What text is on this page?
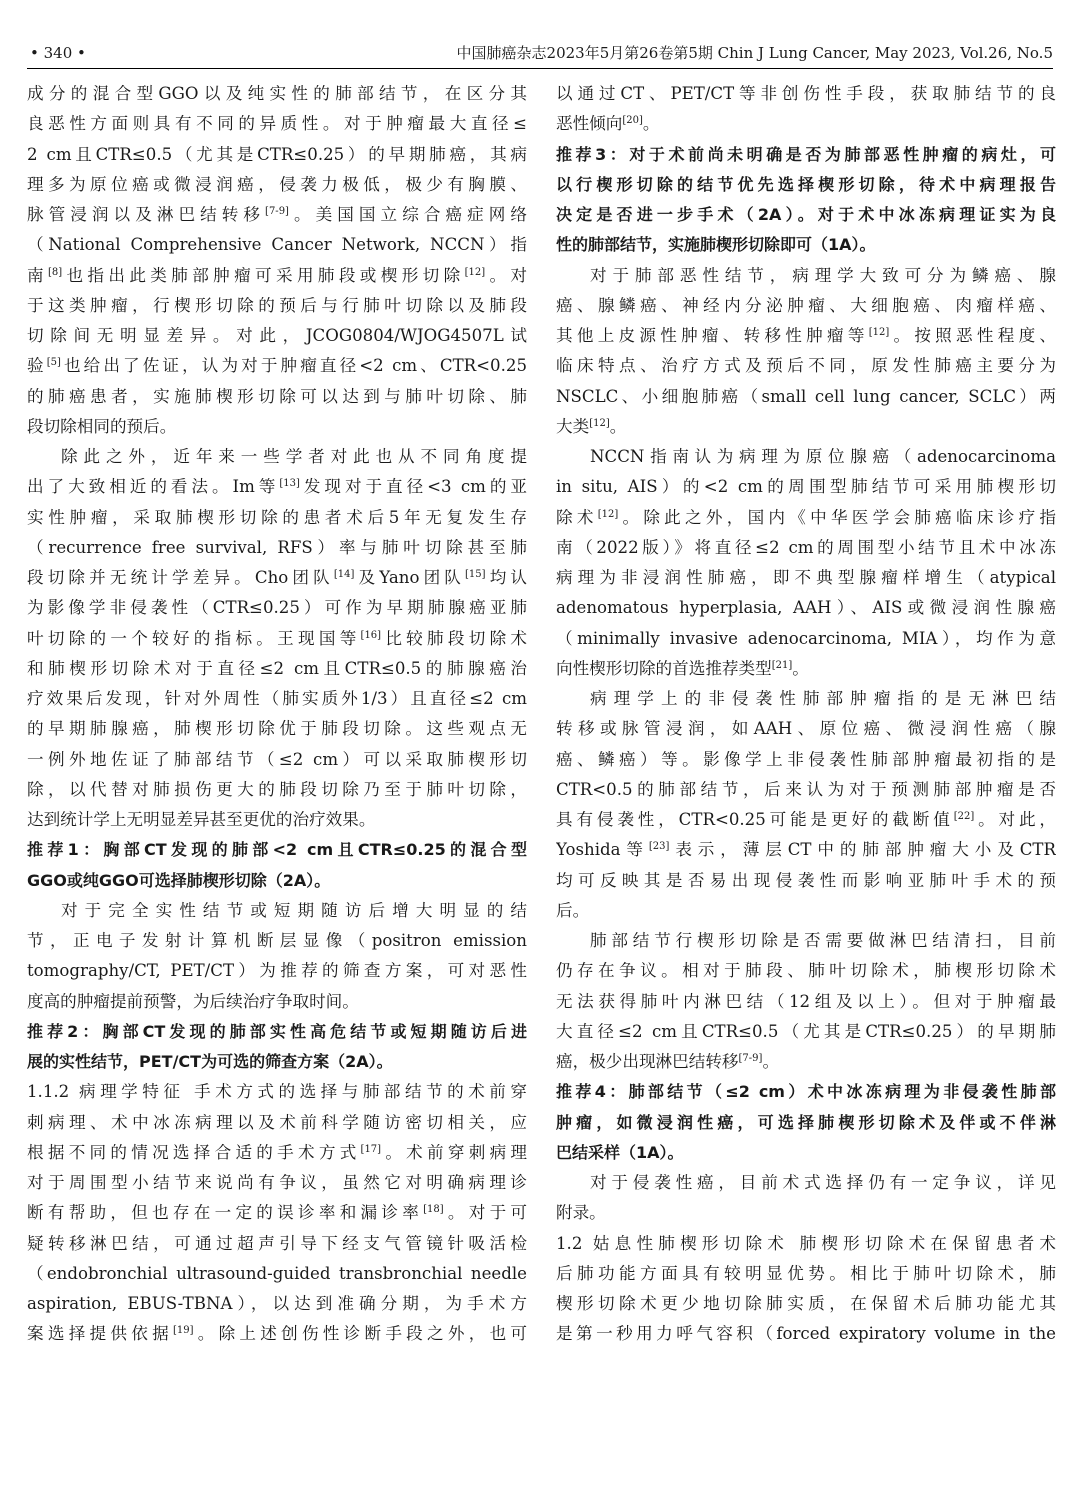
• 340 •	中国肺癌杂志2023年5月第26卷第5期 Chin J Lung Cancer, May 2023, Vol.26, No.5
成分的混合型GGO以及纯实性的肺部结节，在区分其
良恶性方面则具有不同的异质性。对于肿瘤最大直径≤
2 cm且CTR≤0.5（尤其是CTR≤0.25）的早期肺癌，其病
理多为原位癌或微浸润癌，侵袭力极低，极少有胸膜、
脉管浸润以及淋巴结转移[7-9]。美国国立综合癌症网络
（National Comprehensive Cancer Network, NCCN）指
南[8]也指出此类肺部肿瘤可采用肺段或楔形切除[12]。对
于这类肿瘤，行楔形切除的预后与行肺叶切除以及肺段
切除间无明显差异。对此，JCOG0804/WJOG4507L试
验[5]也给出了佐证，认为对于肿瘤直径<2 cm、CTR<0.25
的肺癌患者，实施肺楔形切除可以达到与肺叶切除、肺
段切除相同的预后。
除此之外，近年来一些学者对此也从不同角度提
出了大致相近的看法。Im等[13]发现对于直径<3 cm的亚
实性肿瘤，采取肺楔形切除的患者术后5年无复发生存
（recurrence free survival, RFS）率与肺叶切除甚至肺
段切除并无统计学差异。Cho团队[14]及Yano团队[15]均认
为影像学非侵袭性（CTR≤0.25）可作为早期肺腺癌亚肺
叶切除的一个较好的指标。王现国等[16]比较肺段切除术
和肺楔形切除术对于直径≤2 cm且CTR≤0.5的肺腺癌治
疗效果后发现，针对外周性（肺实质外1/3）且直径≤2 cm
的早期肺腺癌，肺楔形切除优于肺段切除。这些观点无
一例外地佐证了肺部结节（≤2 cm）可以采取肺楔形切
除，以代替对肺损伤更大的肺段切除乃至于肺叶切除，
达到统计学上无明显差异甚至更优的治疗效果。
推荐1：胸部CT发现的肺部<2 cm且CTR≤0.25的混合型
GGO或纯GGO可选择肺楔形切除（2A）。
对于完全实性结节或短期随访后增大明显的结
节，正电子发射计算机断层显像（positron emission
tomography/CT, PET/CT）为推荐的筛查方案，可对恶性
度高的肿瘤提前预警，为后续治疗争取时间。
推荐2：胸部CT发现的肺部实性高危结节或短期随访后进
展的实性结节，PET/CT为可选的筛查方案（2A）。
1.1.2 病理学特征 手术方式的选择与肺部结节的术前穿
刺病理、术中冰冻病理以及术前科学随访密切相关，应
根据不同的情况选择合适的手术方式[17]。术前穿刺病理
对于周围型小结节来说尚有争议，虽然它对明确病理诊
断有帮助，但也存在一定的误诊率和漏诊率[18]。对于可
疑转移淋巴结，可通过超声引导下经支气管镜针吸活检
（endobronchial ultrasound-guided transbronchial needle
aspiration, EBUS-TBNA），以达到准确分期，为手术方
案选择提供依据[19]。除上述创伤性诊断手段之外，也可
以通过CT、PET/CT等非创伤性手段，获取肺结节的良
恶性倾向[20]。
推荐3：对于术前尚未明确是否为肺部恶性肿瘤的病灶，可
以行楔形切除的结节优先选择楔形切除，待术中病理报告
决定是否进一步手术（2A）。对于术中冰冻病理证实为良
性的肺部结节，实施肺楔形切除即可（1A）。
对于肺部恶性结节，病理学大致可分为鳞癌、腺
癌、腺鳞癌、神经内分泌肿瘤、大细胞癌、肉瘤样癌、
其他上皮源性肿瘤、转移性肿瘤等[12]。按照恶性程度、
临床特点、治疗方式及预后不同，原发性肺癌主要分为
NSCLC、小细胞肺癌（small cell lung cancer, SCLC）两
大类[12]。
NCCN指南认为病理为原位腺癌（adenocarcinoma
in situ, AIS）的<2 cm的周围型肺结节可采用肺楔形切
除术[12]。除此之外，国内《中华医学会肺癌临床诊疗指
南（2022版）》将直径≤2 cm的周围型小结节且术中冰冻
病理为非浸润性肺癌，即不典型腺瘤样增生（atypical
adenomatous hyperplasia, AAH）、AIS或微浸润性腺癌
（minimally invasive adenocarcinoma, MIA），均作为意
向性楔形切除的首选推荐类型[21]。
病理学上的非侵袭性肺部肿瘤指的是无淋巴结
转移或脉管浸润，如AAH、原位癌、微浸润性癌（腺
癌、鳞癌）等。影像学上非侵袭性肺部肿瘤最初指的是
CTR<0.5的肺部结节，后来认为对于预测肺部肿瘤是否
具有侵袭性，CTR<0.25可能是更好的截断值[22]。对此，
Yoshida等[23]表示，薄层CT中的肺部肿瘤大小及CTR
均可反映其是否易出现侵袭性而影响亚肺叶手术的预
后。
肺部结节行楔形切除是否需要做淋巴结清扫，目前
仍存在争议。相对于肺段、肺叶切除术，肺楔形切除术
无法获得肺叶内淋巴结（12组及以上）。但对于肿瘤最
大直径≤2 cm且CTR≤0.5（尤其是CTR≤0.25）的早期肺
癌，极少出现淋巴结转移[7-9]。
推荐4：肺部结节（≤2 cm）术中冰冻病理为非侵袭性肺部
肿瘤，如微浸润性癌，可选择肺楔形切除术及伴或不伴淋
巴结采样（1A）。
对于侵袭性癌，目前术式选择仍有一定争议，详见
附录。
1.2 姑息性肺楔形切除术 肺楔形切除术在保留患者术
后肺功能方面具有较明显优势。相比于肺叶切除术，肺
楔形切除术更少地切除肺实质，在保留术后肺功能尤其
是第一秒用力呼气容积（forced expiratory volume in the
